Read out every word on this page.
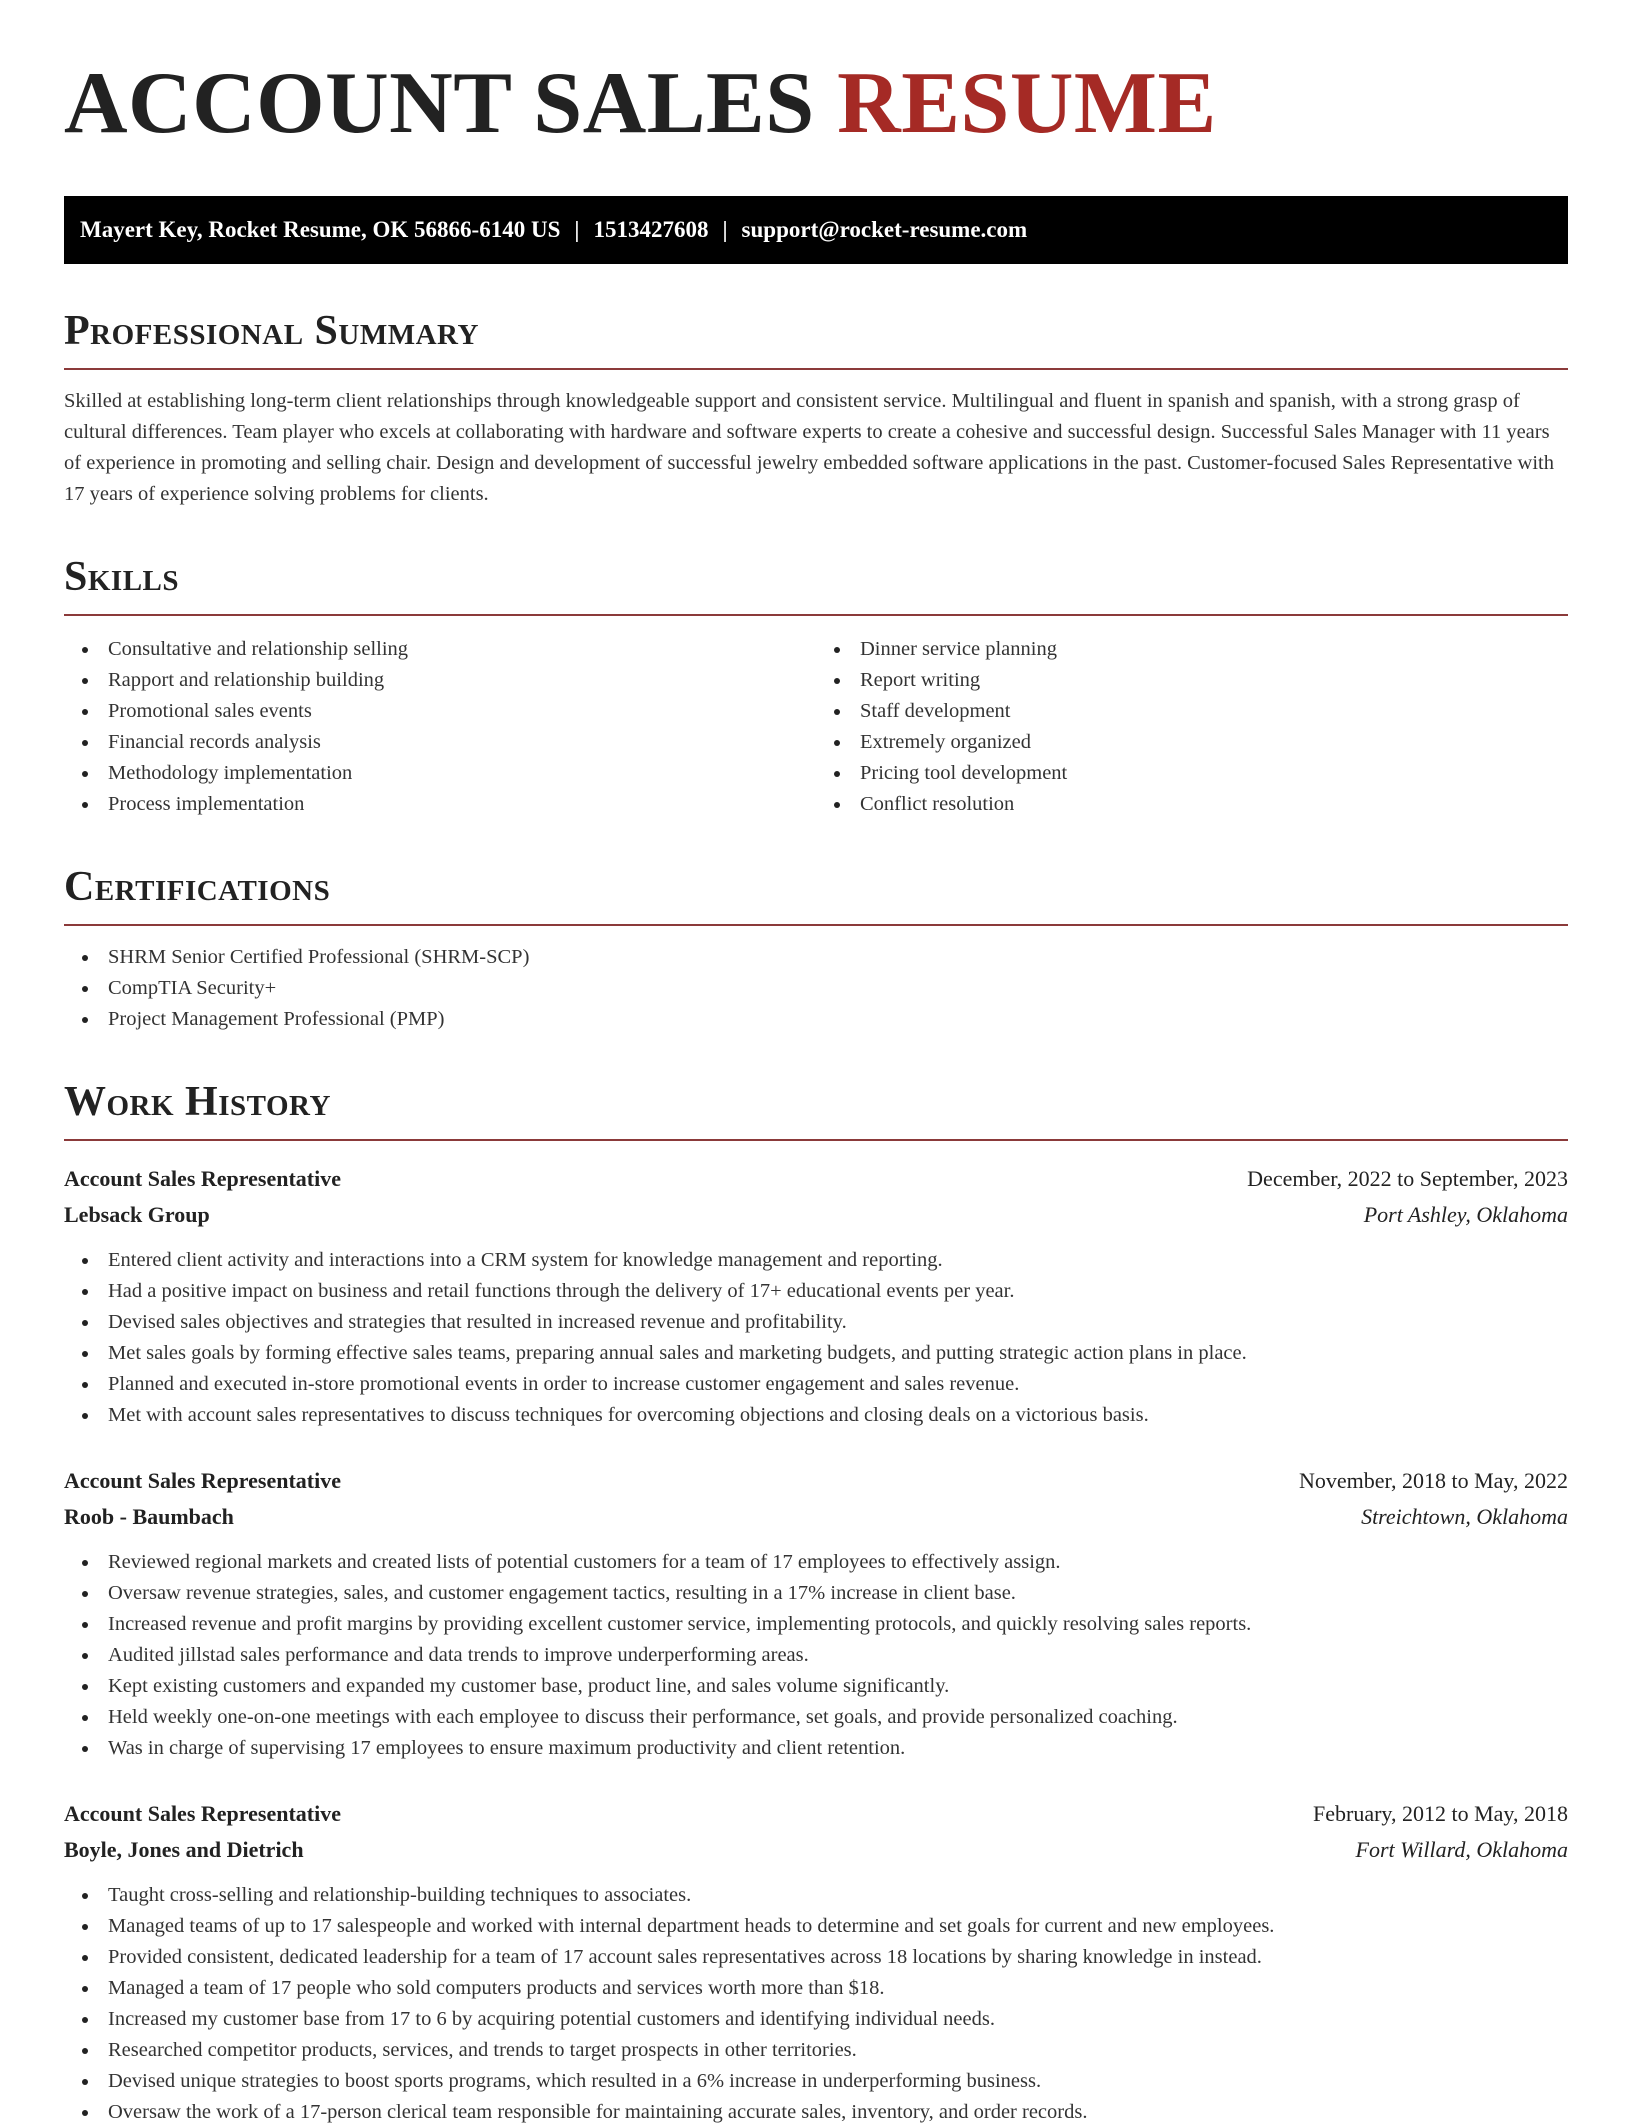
ACCOUNT SALES RESUME
Mayert Key, Rocket Resume, OK 56866-6140 US | 1513427608 | support@rocket-resume.com
Professional Summary

Skilled at establishing long-term client relationships through knowledgeable support and consistent service. Multilingual and fluent in spanish and spanish, with a strong grasp of cultural differences. Team player who excels at collaborating with hardware and software experts to create a cohesive and successful design. Successful Sales Manager with 11 years of experience in promoting and selling chair. Design and development of successful jewelry embedded software applications in the past. Customer-focused Sales Representative with 17 years of experience solving problems for clients.

Skills
Consultative and relationship selling
Rapport and relationship building
Promotional sales events
Financial records analysis
Methodology implementation
Process implementation
Dinner service planning
Report writing
Staff development
Extremely organized
Pricing tool development
Conflict resolution
Certifications
SHRM Senior Certified Professional (SHRM-SCP)
CompTIA Security+
Project Management Professional (PMP)
Work History
Account Sales Representative	December, 2022 to September, 2023
Lebsack Group	Port Ashley, Oklahoma
Entered client activity and interactions into a CRM system for knowledge management and reporting.
Had a positive impact on business and retail functions through the delivery of 17+ educational events per year.
Devised sales objectives and strategies that resulted in increased revenue and profitability.
Met sales goals by forming effective sales teams, preparing annual sales and marketing budgets, and putting strategic action plans in place.
Planned and executed in-store promotional events in order to increase customer engagement and sales revenue.
Met with account sales representatives to discuss techniques for overcoming objections and closing deals on a victorious basis.
Account Sales Representative	November, 2018 to May, 2022
Roob - Baumbach	Streichtown, Oklahoma
Reviewed regional markets and created lists of potential customers for a team of 17 employees to effectively assign.
Oversaw revenue strategies, sales, and customer engagement tactics, resulting in a 17% increase in client base.
Increased revenue and profit margins by providing excellent customer service, implementing protocols, and quickly resolving sales reports.
Audited jillstad sales performance and data trends to improve underperforming areas.
Kept existing customers and expanded my customer base, product line, and sales volume significantly.
Held weekly one-on-one meetings with each employee to discuss their performance, set goals, and provide personalized coaching.
Was in charge of supervising 17 employees to ensure maximum productivity and client retention.
Account Sales Representative	February, 2012 to May, 2018
Boyle, Jones and Dietrich	Fort Willard, Oklahoma
Taught cross-selling and relationship-building techniques to associates.
Managed teams of up to 17 salespeople and worked with internal department heads to determine and set goals for current and new employees.
Provided consistent, dedicated leadership for a team of 17 account sales representatives across 18 locations by sharing knowledge in instead.
Managed a team of 17 people who sold computers products and services worth more than $18.
Increased my customer base from 17 to 6 by acquiring potential customers and identifying individual needs.
Researched competitor products, services, and trends to target prospects in other territories.
Devised unique strategies to boost sports programs, which resulted in a 6% increase in underperforming business.
Oversaw the work of a 17-person clerical team responsible for maintaining accurate sales, inventory, and order records.
